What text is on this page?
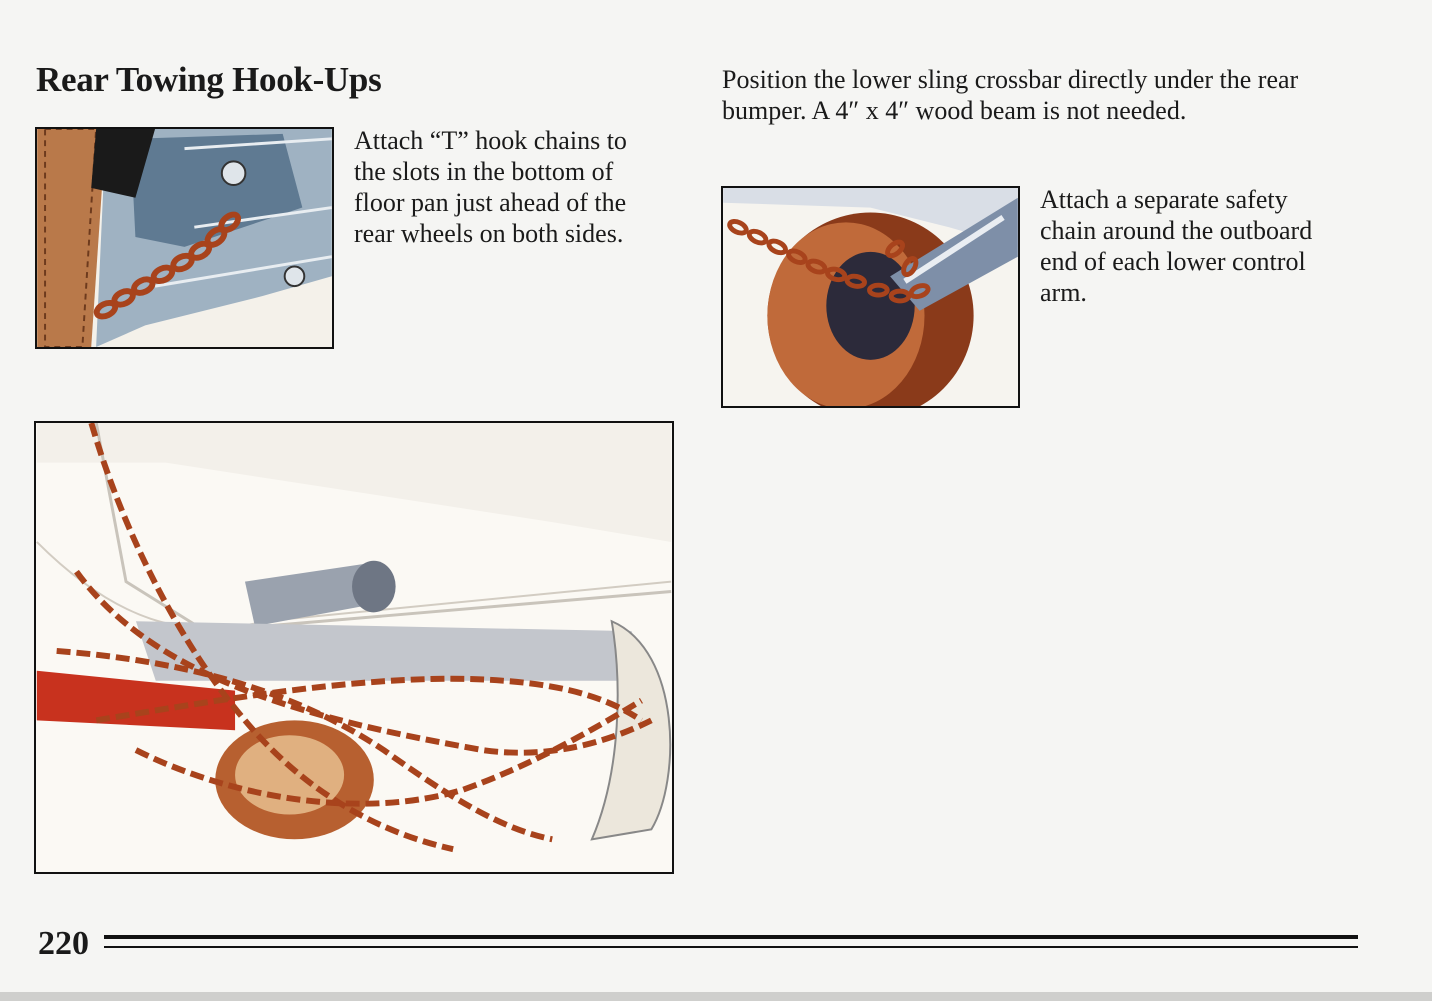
Rear Towing Hook-Ups

Attach “T” hook chains to the slots in the bottom of floor pan just ahead of the rear wheels on both sides.

Position the lower sling crossbar directly under the rear bumper. A 4″ x 4″ wood beam is not needed.

Attach a separate safety chain around the outboard end of each lower control arm.

220
